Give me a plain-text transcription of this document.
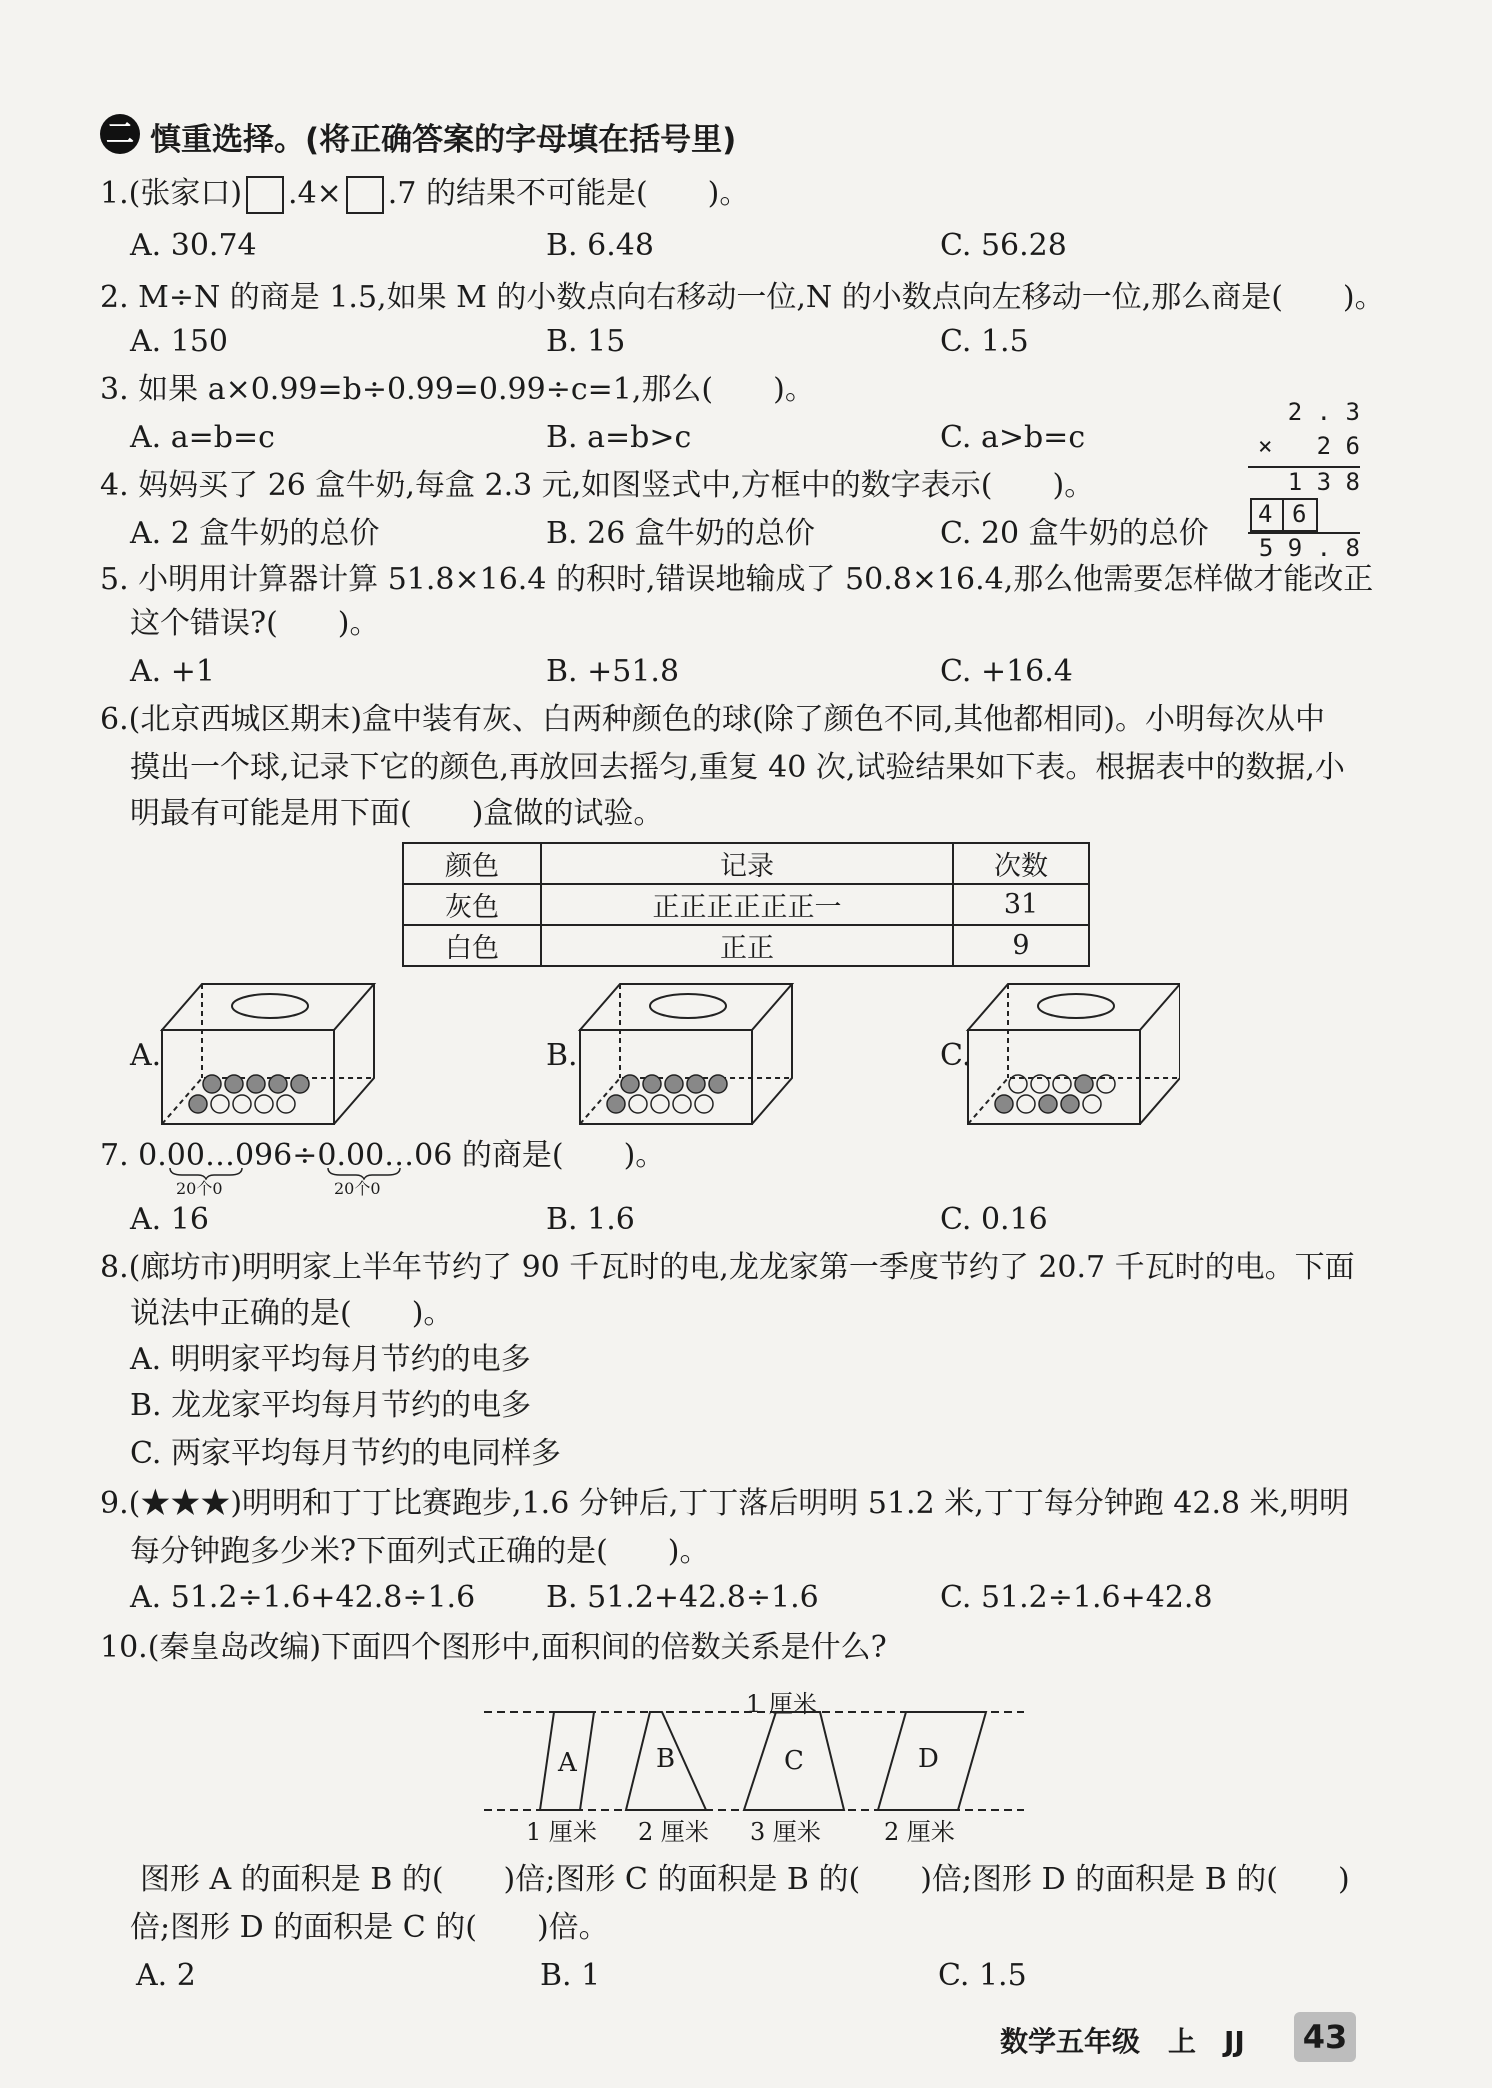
二 慎重选择。(将正确答案的字母填在括号里)
1.(张家口) .4× .7 的结果不可能是(　　)。
A. 30.74	B. 6.48	C. 56.28
2. M÷N 的商是 1.5,如果 M 的小数点向右移动一位,N 的小数点向左移动一位,那么商是(　　)。
A. 150	B. 15	C. 1.5
3. 如果 a×0.99=b÷0.99=0.99÷c=1,那么(　　)。
A. a=b=c	B. a=b>c	C. a>b=c
2 . 3
× 2 6
1 3 8
4 6
5 9 . 8
4. 妈妈买了 26 盒牛奶,每盒 2.3 元,如图竖式中,方框中的数字表示(　　)。
A. 2 盒牛奶的总价	B. 26 盒牛奶的总价	C. 20 盒牛奶的总价
5. 小明用计算器计算 51.8×16.4 的积时,错误地输成了 50.8×16.4,那么他需要怎样做才能改正
这个错误?(　　)。
A. +1	B. +51.8	C. +16.4
6.(北京西城区期末)盒中装有灰、白两种颜色的球(除了颜色不同,其他都相同)。小明每次从中
摸出一个球,记录下它的颜色,再放回去摇匀,重复 40 次,试验结果如下表。根据表中的数据,小
明最有可能是用下面(　　)盒做的试验。
颜色	记录	次数
灰色	正正正正正正一	31
白色	正正	9
A.	B.	C.
7. 0.00…096÷0.00…06 的商是(　　)。
20个0	20个0
A. 16	B. 1.6	C. 0.16
8.(廊坊市)明明家上半年节约了 90 千瓦时的电,龙龙家第一季度节约了 20.7 千瓦时的电。下面
说法中正确的是(　　)。
A. 明明家平均每月节约的电多
B. 龙龙家平均每月节约的电多
C. 两家平均每月节约的电同样多
9.(★★★)明明和丁丁比赛跑步,1.6 分钟后,丁丁落后明明 51.2 米,丁丁每分钟跑 42.8 米,明明
每分钟跑多少米?下面列式正确的是(　　)。
A. 51.2÷1.6+42.8÷1.6 B. 51.2+42.8÷1.6	C. 51.2÷1.6+42.8
10.(秦皇岛改编)下面四个图形中,面积间的倍数关系是什么?
1 厘米
A	B	C	D
1 厘米 2 厘米 3 厘米	2 厘米
图形 A 的面积是 B 的(　　)倍;图形 C 的面积是 B 的(　　)倍;图形 D 的面积是 B 的(　　)
倍;图形 D 的面积是 C 的(　　)倍。
A. 2	B. 1	C. 1.5
数学五年级　上　JJ 43
